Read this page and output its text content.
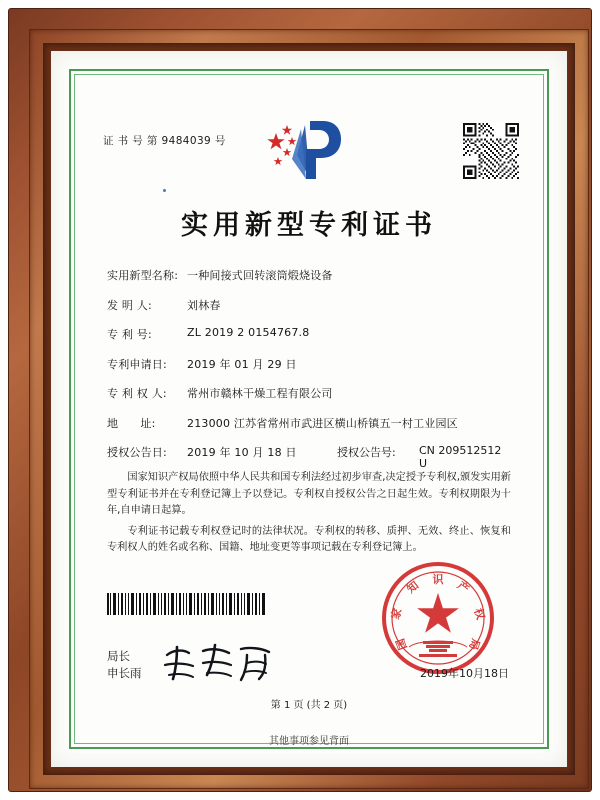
证 书 号 第 9484039 号
实用新型专利证书
实用新型名称: 一种间接式回转滚筒煅烧设备
发 明 人:	刘林春
专 利 号:	ZL 2019 2 0154767.8
专利申请日:	2019 年 01 月 29 日
专 利 权 人:	常州市赣林干燥工程有限公司
地      址:	213000 江苏省常州市武进区横山桥镇五一村工业园区
授权公告日:	2019 年 10 月 18 日	授权公告号:	CN 209512512 U

国家知识产权局依照中华人民共和国专利法经过初步审查,决定授予专利权,颁发实用新型专利证书并在专利登记簿上予以登记。专利权自授权公告之日起生效。专利权期限为十年,自申请日起算。

专利证书记载专利权登记时的法律状况。专利权的转移、质押、无效、终止、恢复和专利权人的姓名或名称、国籍、地址变更等事项记载在专利登记簿上。

局长
申长雨
识
知	产
家	权
国	局
2019年10月18日
第 1 页 (共 2 页)
其他事项参见背面
